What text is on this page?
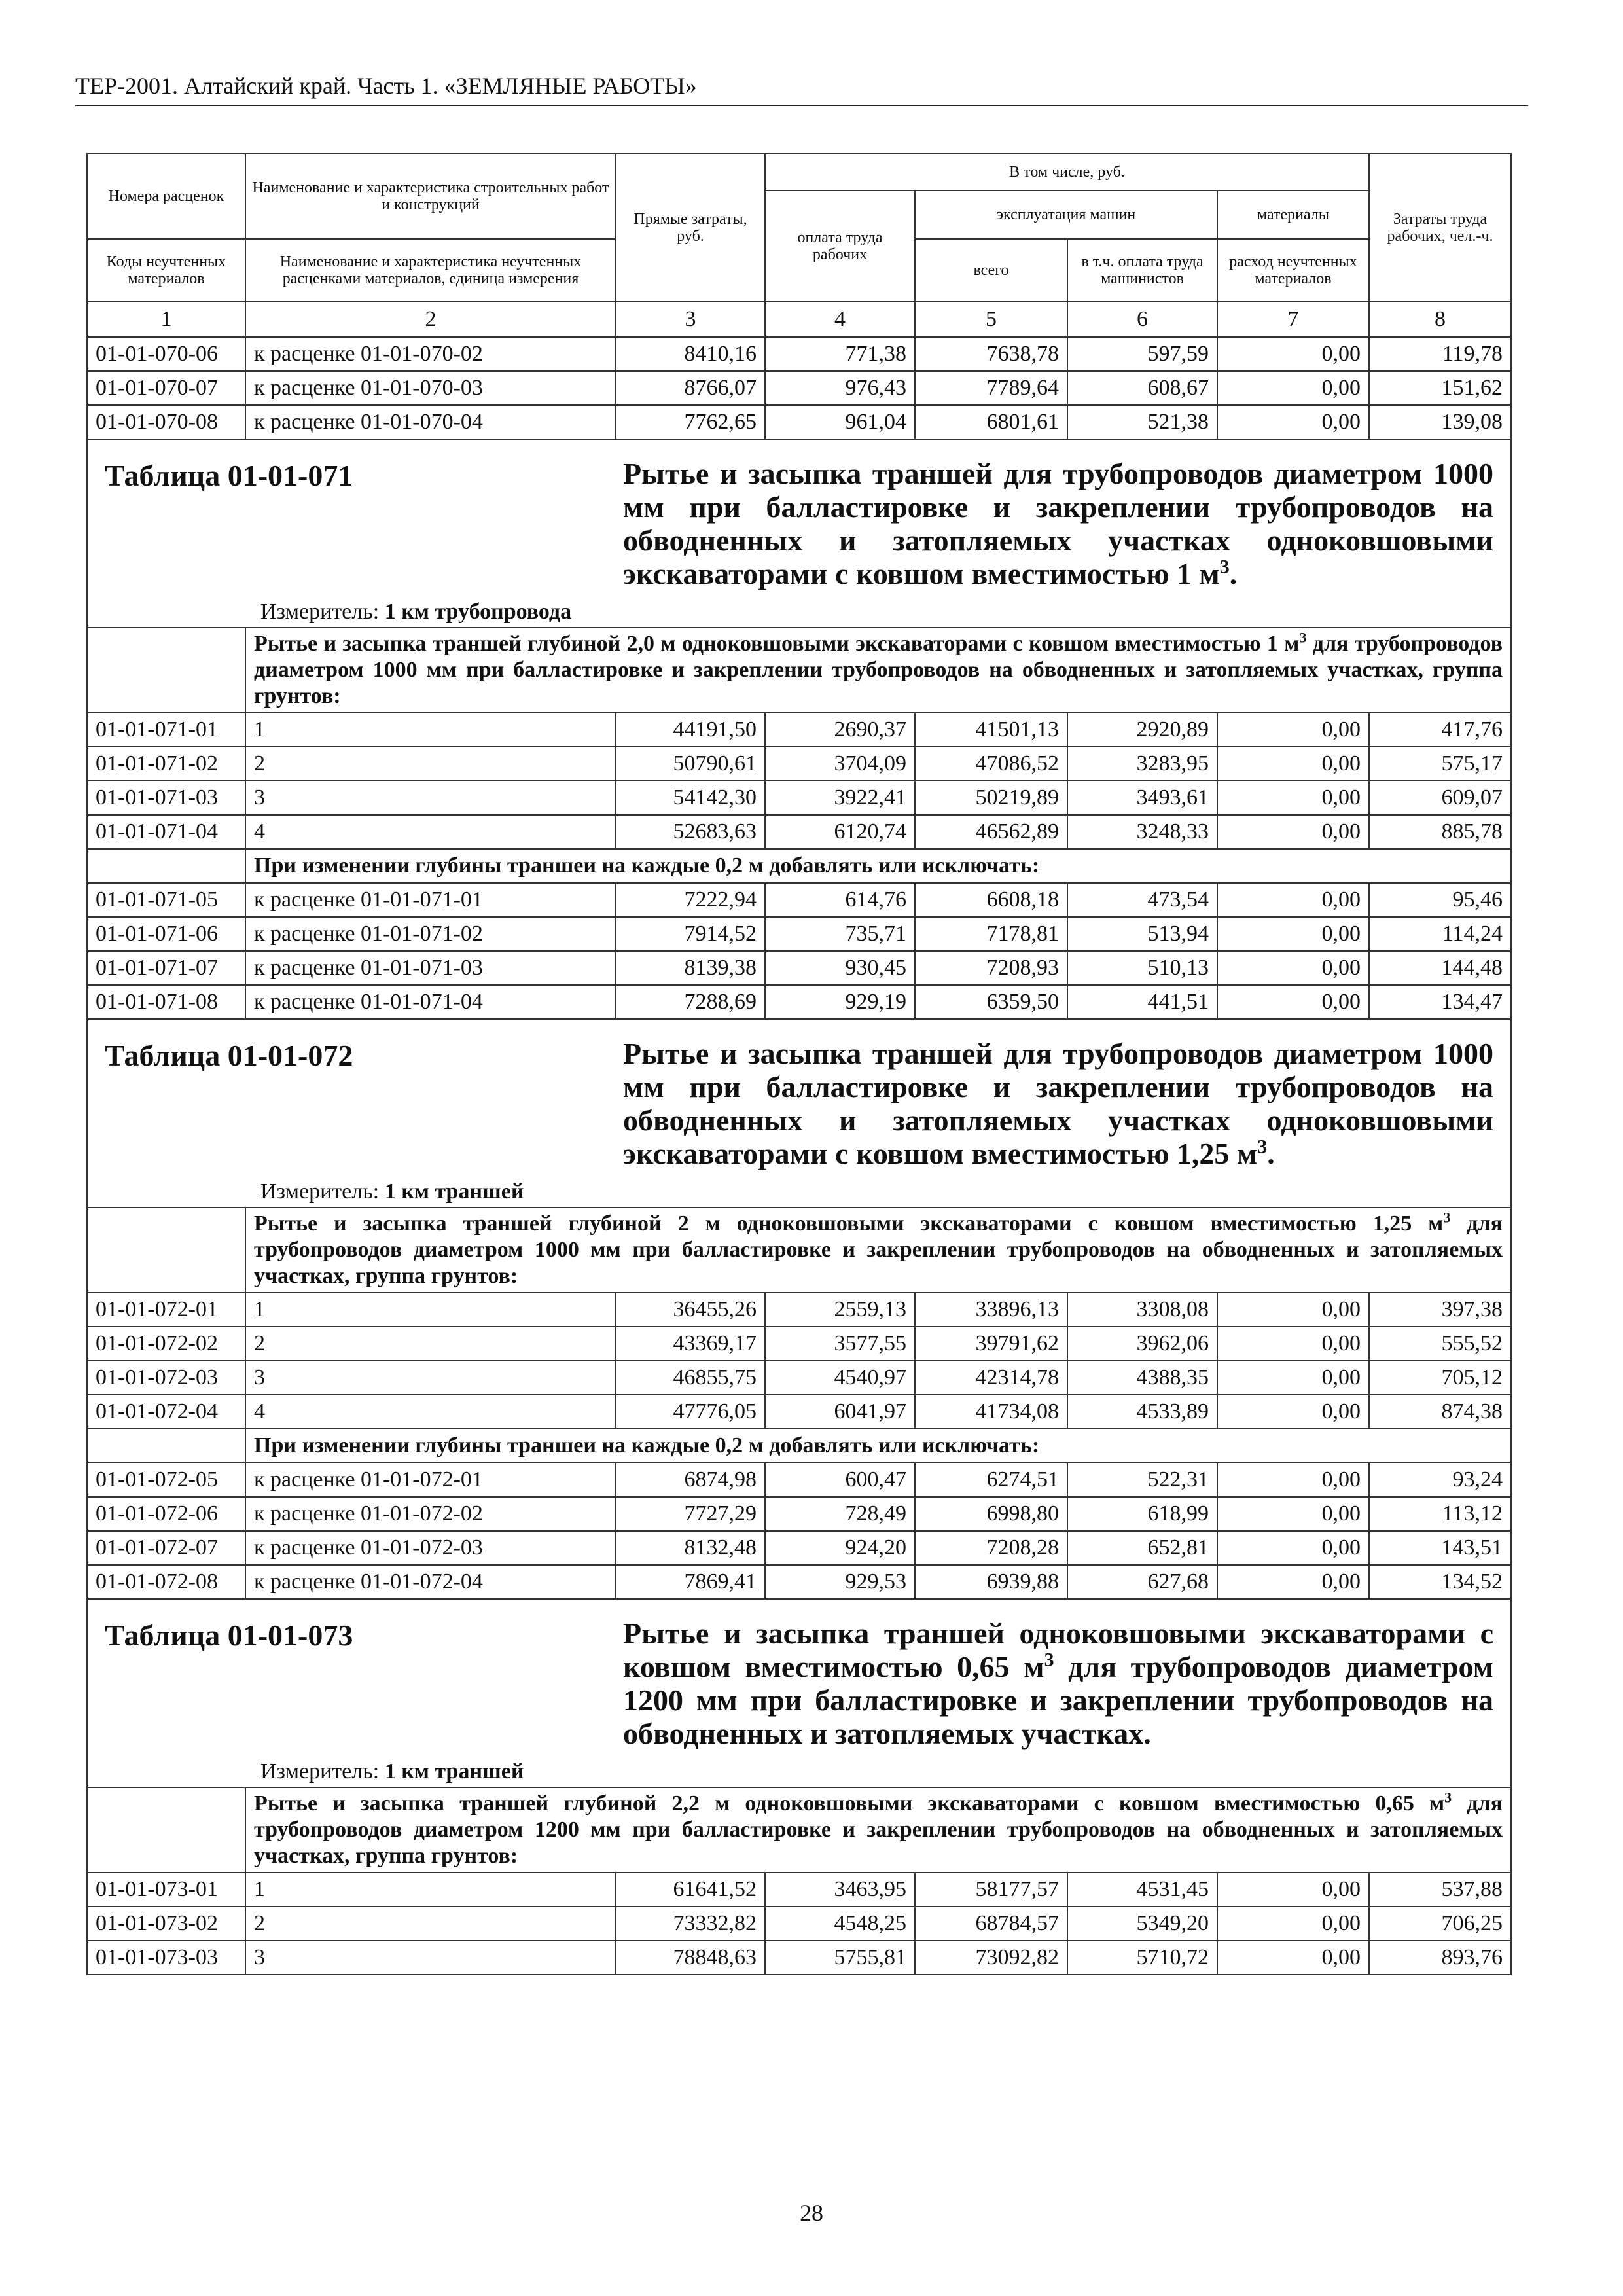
ТЕР-2001. Алтайский край. Часть 1. «ЗЕМЛЯНЫЕ РАБОТЫ»
Номера расценок	Наименование и характеристика строительных работ и конструкций	Прямые затраты, руб.	В том числе, руб.				Затраты труда рабочих, чел.-ч.
			оплата труда рабочих	эксплуатация машин		материалы	
Коды неучтенных материалов	Наименование и характеристика неучтенных расценками материалов, единица измерения			всего	в т.ч. оплата труда машинистов	расход неучтенных материалов	
1	2	3	4	5	6	7	8
01-01-070-06	к расценке 01-01-070-02	8410,16	771,38	7638,78	597,59	0,00	119,78
01-01-070-07	к расценке 01-01-070-03	8766,07	976,43	7789,64	608,67	0,00	151,62
01-01-070-08	к расценке 01-01-070-04	7762,65	961,04	6801,61	521,38	0,00	139,08

Таблица 01-01-071 Рытье и засыпка траншей для трубопроводов диаметром 1000 мм при балластировке и закреплении трубопроводов на обводненных и затопляемых участках одноковшовыми экскаваторами с ковшом вместимостью 1 $м^3$.
Измеритель: 1 км трубопровода							

	Рытье и засыпка траншей глубиной 2,0 м одноковшовыми экскаваторами с ковшом вместимостью 1 $м^3$ для трубопроводов диаметром 1000 мм при балластировке и закреплении трубопроводов на обводненных и затопляемых участках, группа грунтов:						
01-01-071-01	1	44191,50	2690,37	41501,13	2920,89	0,00	417,76
01-01-071-02	2	50790,61	3704,09	47086,52	3283,95	0,00	575,17
01-01-071-03	3	54142,30	3922,41	50219,89	3493,61	0,00	609,07
01-01-071-04	4	52683,63	6120,74	46562,89	3248,33	0,00	885,78
	При изменении глубины траншеи на каждые 0,2 м добавлять или исключать:						
01-01-071-05	к расценке 01-01-071-01	7222,94	614,76	6608,18	473,54	0,00	95,46
01-01-071-06	к расценке 01-01-071-02	7914,52	735,71	7178,81	513,94	0,00	114,24
01-01-071-07	к расценке 01-01-071-03	8139,38	930,45	7208,93	510,13	0,00	144,48
01-01-071-08	к расценке 01-01-071-04	7288,69	929,19	6359,50	441,51	0,00	134,47

Таблица 01-01-072 Рытье и засыпка траншей для трубопроводов диаметром 1000 мм при балластировке и закреплении трубопроводов на обводненных и затопляемых участках одноковшовыми экскаваторами с ковшом вместимостью 1,25 $м^3$.
Измеритель: 1 км траншей							

	Рытье и засыпка траншей глубиной 2 м одноковшовыми экскаваторами с ковшом вместимостью 1,25 $м^3$ для трубопроводов диаметром 1000 мм при балластировке и закреплении трубопроводов на обводненных и затопляемых участках, группа грунтов:						
01-01-072-01	1	36455,26	2559,13	33896,13	3308,08	0,00	397,38
01-01-072-02	2	43369,17	3577,55	39791,62	3962,06	0,00	555,52
01-01-072-03	3	46855,75	4540,97	42314,78	4388,35	0,00	705,12
01-01-072-04	4	47776,05	6041,97	41734,08	4533,89	0,00	874,38
	При изменении глубины траншеи на каждые 0,2 м добавлять или исключать:						
01-01-072-05	к расценке 01-01-072-01	6874,98	600,47	6274,51	522,31	0,00	93,24
01-01-072-06	к расценке 01-01-072-02	7727,29	728,49	6998,80	618,99	0,00	113,12
01-01-072-07	к расценке 01-01-072-03	8132,48	924,20	7208,28	652,81	0,00	143,51
01-01-072-08	к расценке 01-01-072-04	7869,41	929,53	6939,88	627,68	0,00	134,52

Таблица 01-01-073 Рытье и засыпка траншей одноковшовыми экскаваторами с ковшом вместимостью 0,65 $м^3$ для трубопроводов диаметром 1200 мм при балластировке и закреплении трубопроводов на обводненных и затопляемых участках.
Измеритель: 1 км траншей							

	Рытье и засыпка траншей глубиной 2,2 м одноковшовыми экскаваторами с ковшом вместимостью 0,65 $м^3$ для трубопроводов диаметром 1200 мм при балластировке и закреплении трубопроводов на обводненных и затопляемых участках, группа грунтов:						
01-01-073-01	1	61641,52	3463,95	58177,57	4531,45	0,00	537,88
01-01-073-02	2	73332,82	4548,25	68784,57	5349,20	0,00	706,25
01-01-073-03	3	78848,63	5755,81	73092,82	5710,72	0,00	893,76
28
